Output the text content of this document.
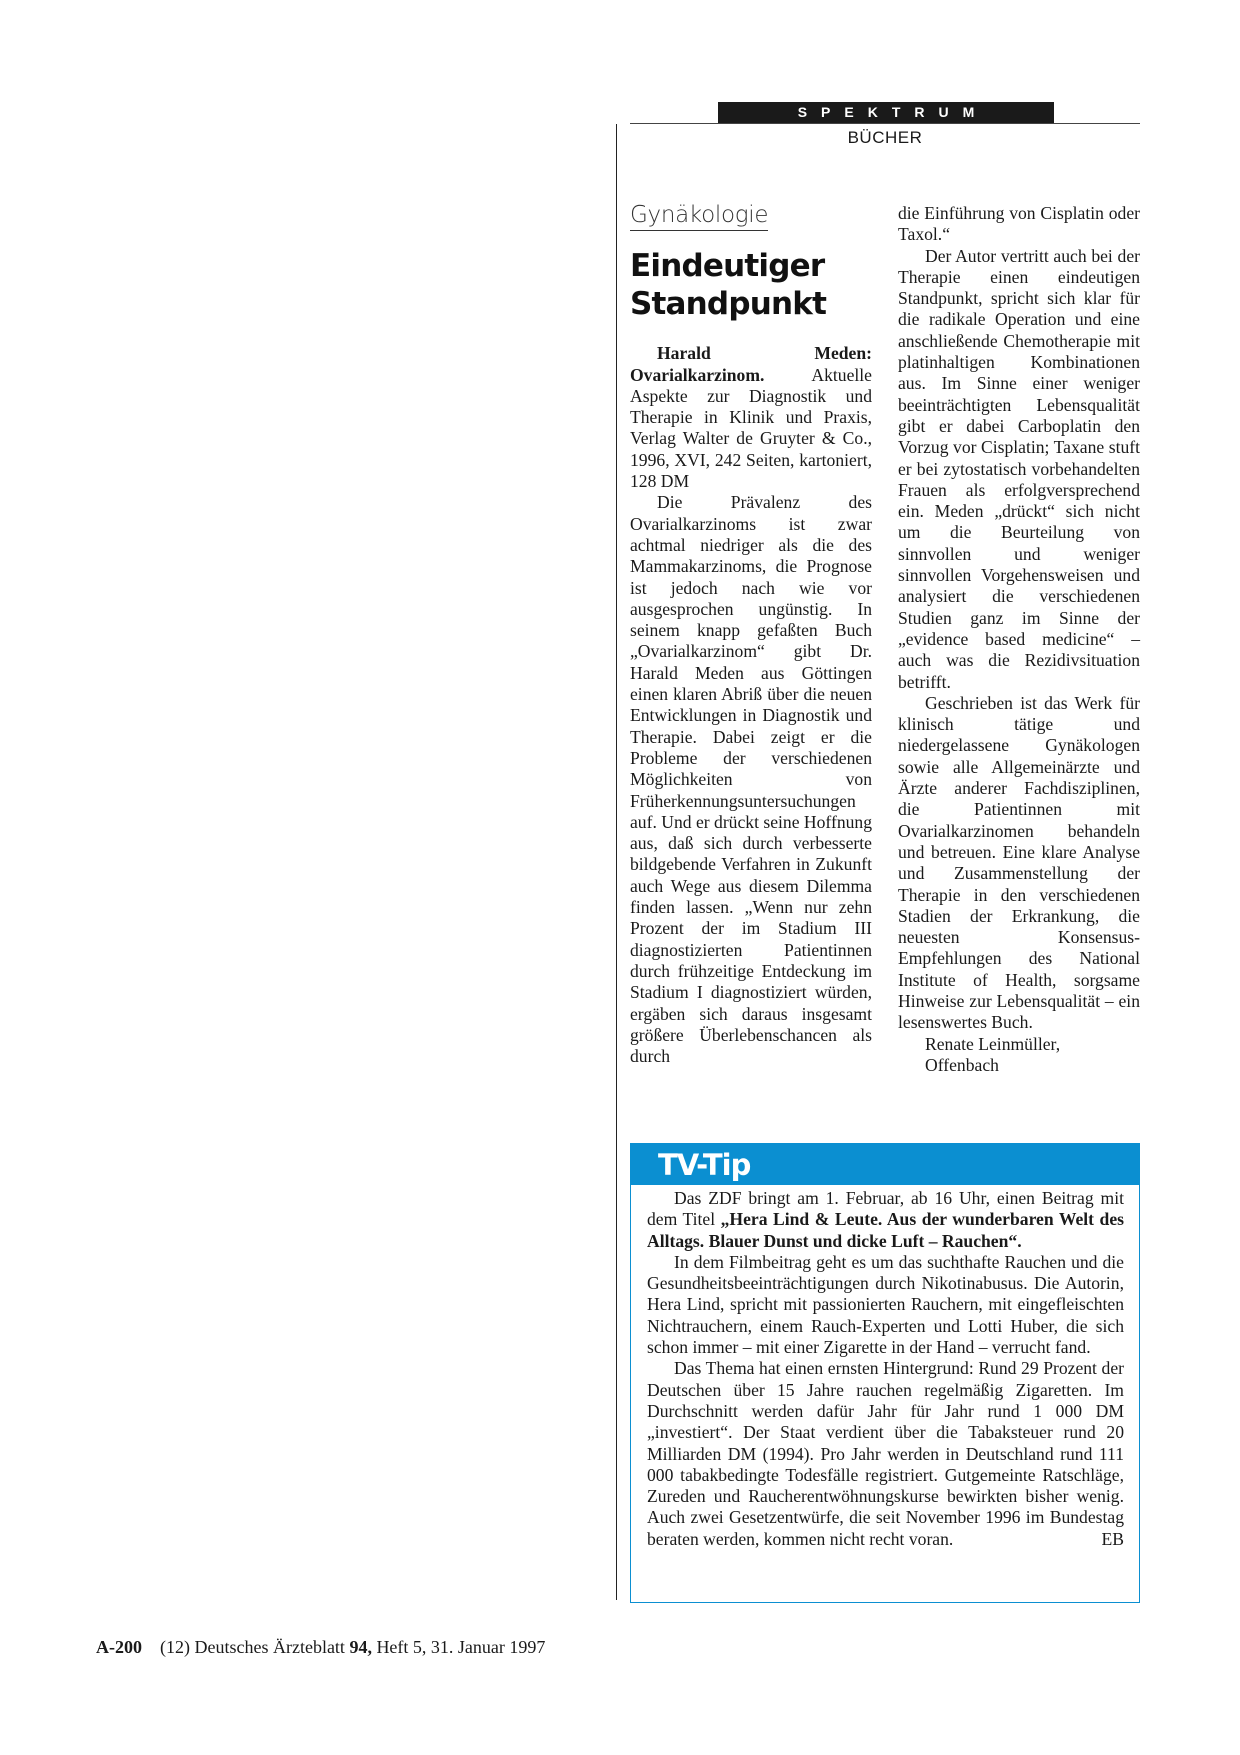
SPEKTRUM
BÜCHER
Gynäkologie
Eindeutiger
Standpunkt

Harald Meden: Ovarialkarzinom. Aktuelle Aspekte zur Diagnostik und Therapie in Klinik und Praxis, Verlag Walter de Gruyter & Co., 1996, XVI, 242 Seiten, kartoniert, 128 DM

Die Prävalenz des Ovarialkarzinoms ist zwar achtmal niedriger als die des Mammakarzinoms, die Prognose ist jedoch nach wie vor ausgesprochen ungünstig. In seinem knapp gefaßten Buch „Ovarialkarzinom“ gibt Dr. Harald Meden aus Göttingen einen klaren Abriß über die neuen Entwicklungen in Diagnostik und Therapie. Dabei zeigt er die Probleme der verschiedenen Möglichkeiten von Früherkennungsuntersuchungen auf. Und er drückt seine Hoffnung aus, daß sich durch verbesserte bildgebende Verfahren in Zukunft auch Wege aus diesem Dilemma finden lassen. „Wenn nur zehn Prozent der im Stadium III diagnostizierten Patientinnen durch frühzeitige Entdeckung im Stadium I diagnostiziert würden, ergäben sich daraus insgesamt größere Überlebenschancen als durch

die Einführung von Cisplatin oder Taxol.“

Der Autor vertritt auch bei der Therapie einen eindeutigen Standpunkt, spricht sich klar für die radikale Operation und eine anschließende Chemotherapie mit platinhaltigen Kombinationen aus. Im Sinne einer weniger beeinträchtigten Lebensqualität gibt er dabei Carboplatin den Vorzug vor Cisplatin; Taxane stuft er bei zytostatisch vorbehandelten Frauen als erfolgversprechend ein. Meden „drückt“ sich nicht um die Beurteilung von sinnvollen und weniger sinnvollen Vorgehensweisen und analysiert die verschiedenen Studien ganz im Sinne der „evidence based medicine“ – auch was die Rezidivsituation betrifft.

Geschrieben ist das Werk für klinisch tätige und niedergelassene Gynäkologen sowie alle Allgemeinärzte und Ärzte anderer Fachdisziplinen, die Patientinnen mit Ovarialkarzinomen behandeln und betreuen. Eine klare Analyse und Zusammenstellung der Therapie in den verschiedenen Stadien der Erkrankung, die neuesten Konsensus-Empfehlungen des National Institute of Health, sorgsame Hinweise zur Lebensqualität – ein lesenswertes Buch.

Renate Leinmüller,

Offenbach

TV-Tip

Das ZDF bringt am 1. Februar, ab 16 Uhr, einen Beitrag mit dem Titel „Hera Lind & Leute. Aus der wunderbaren Welt des Alltags. Blauer Dunst und dicke Luft – Rauchen“.

In dem Filmbeitrag geht es um das suchthafte Rauchen und die Gesundheitsbeeinträchtigungen durch Nikotinabusus. Die Autorin, Hera Lind, spricht mit passionierten Rauchern, mit eingefleischten Nichtrauchern, einem Rauch-Experten und Lotti Huber, die sich schon immer – mit einer Zigarette in der Hand – verrucht fand.

Das Thema hat einen ernsten Hintergrund: Rund 29 Prozent der Deutschen über 15 Jahre rauchen regelmäßig Zigaretten. Im Durchschnitt werden dafür Jahr für Jahr rund 1 000 DM „investiert“. Der Staat verdient über die Tabaksteuer rund 20 Milliarden DM (1994). Pro Jahr werden in Deutschland rund 111 000 tabakbedingte Todesfälle registriert. Gutgemeinte Ratschläge, Zureden und Raucherentwöhnungskurse bewirkten bisher wenig. Auch zwei Gesetzentwürfe, die seit November 1996 im Bundestag beraten werden, kommen nicht recht voran.	EB

A-200 (12) Deutsches Ärzteblatt 94, Heft 5, 31. Januar 1997
